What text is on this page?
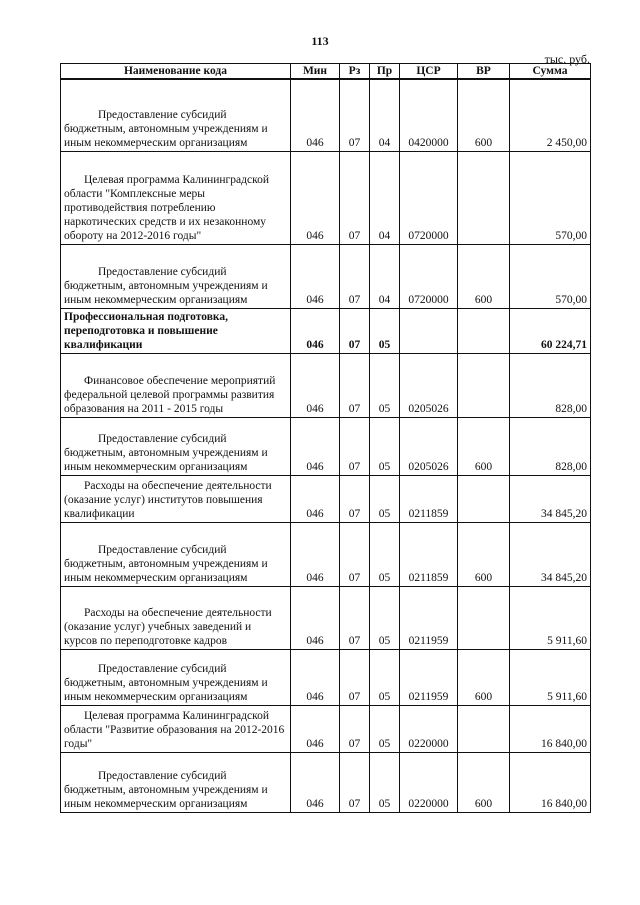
113
тыс. руб.
Наименование кода	Мин	Рз	Пр	ЦСР	ВР	Сумма
Предоставление субсидий бюджетным, автономным учреждениям и иным некоммерческим организациям	046	07	04	0420000	600	2 450,00
Целевая программа Калининградской области "Комплексные меры противодействия потреблению наркотических средств и их незаконному обороту на 2012-2016 годы"	046	07	04	0720000		570,00
Предоставление субсидий бюджетным, автономным учреждениям и иным некоммерческим организациям	046	07	04	0720000	600	570,00
Профессиональная подготовка, переподготовка и повышение квалификации	046	07	05			60 224,71
Финансовое обеспечение мероприятий федеральной целевой программы развития образования на 2011 - 2015 годы	046	07	05	0205026		828,00
Предоставление субсидий бюджетным, автономным учреждениям и иным некоммерческим организациям	046	07	05	0205026	600	828,00
Расходы на обеспечение деятельности (оказание услуг) институтов повышения квалификации	046	07	05	0211859		34 845,20
Предоставление субсидий бюджетным, автономным учреждениям и иным некоммерческим организациям	046	07	05	0211859	600	34 845,20
Расходы на обеспечение деятельности (оказание услуг) учебных заведений и курсов по переподготовке кадров	046	07	05	0211959		5 911,60
Предоставление субсидий бюджетным, автономным учреждениям и иным некоммерческим организациям	046	07	05	0211959	600	5 911,60
Целевая программа Калининградской области "Развитие образования на 2012-2016 годы"	046	07	05	0220000		16 840,00
Предоставление субсидий бюджетным, автономным учреждениям и иным некоммерческим организациям	046	07	05	0220000	600	16 840,00
